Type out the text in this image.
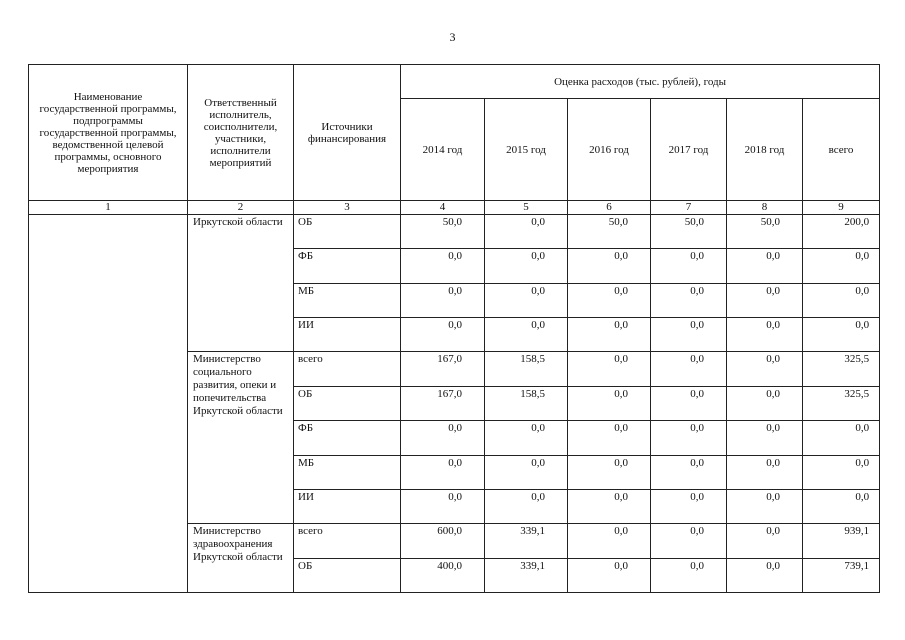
3
Наименование государственной программы, подпрограммы государственной программы, ведомственной целевой программы, основного мероприятия	Ответственный исполнитель, соисполнители, участники, исполнители мероприятий	Источники финансирования	Оценка расходов (тыс. рублей), годы					
			2014 год	2015 год	2016 год	2017 год	2018 год	всего
1	2	3	4	5	6	7	8	9
	Иркутской области	ОБ	50,0	0,0	50,0	50,0	50,0	200,0
		ФБ	0,0	0,0	0,0	0,0	0,0	0,0
		МБ	0,0	0,0	0,0	0,0	0,0	0,0
		ИИ	0,0	0,0	0,0	0,0	0,0	0,0
	Министерство социального развития, опеки и попечительства Иркутской области	всего	167,0	158,5	0,0	0,0	0,0	325,5
		ОБ	167,0	158,5	0,0	0,0	0,0	325,5
		ФБ	0,0	0,0	0,0	0,0	0,0	0,0
		МБ	0,0	0,0	0,0	0,0	0,0	0,0
		ИИ	0,0	0,0	0,0	0,0	0,0	0,0
	Министерство здравоохранения Иркутской области	всего	600,0	339,1	0,0	0,0	0,0	939,1
		ОБ	400,0	339,1	0,0	0,0	0,0	739,1
